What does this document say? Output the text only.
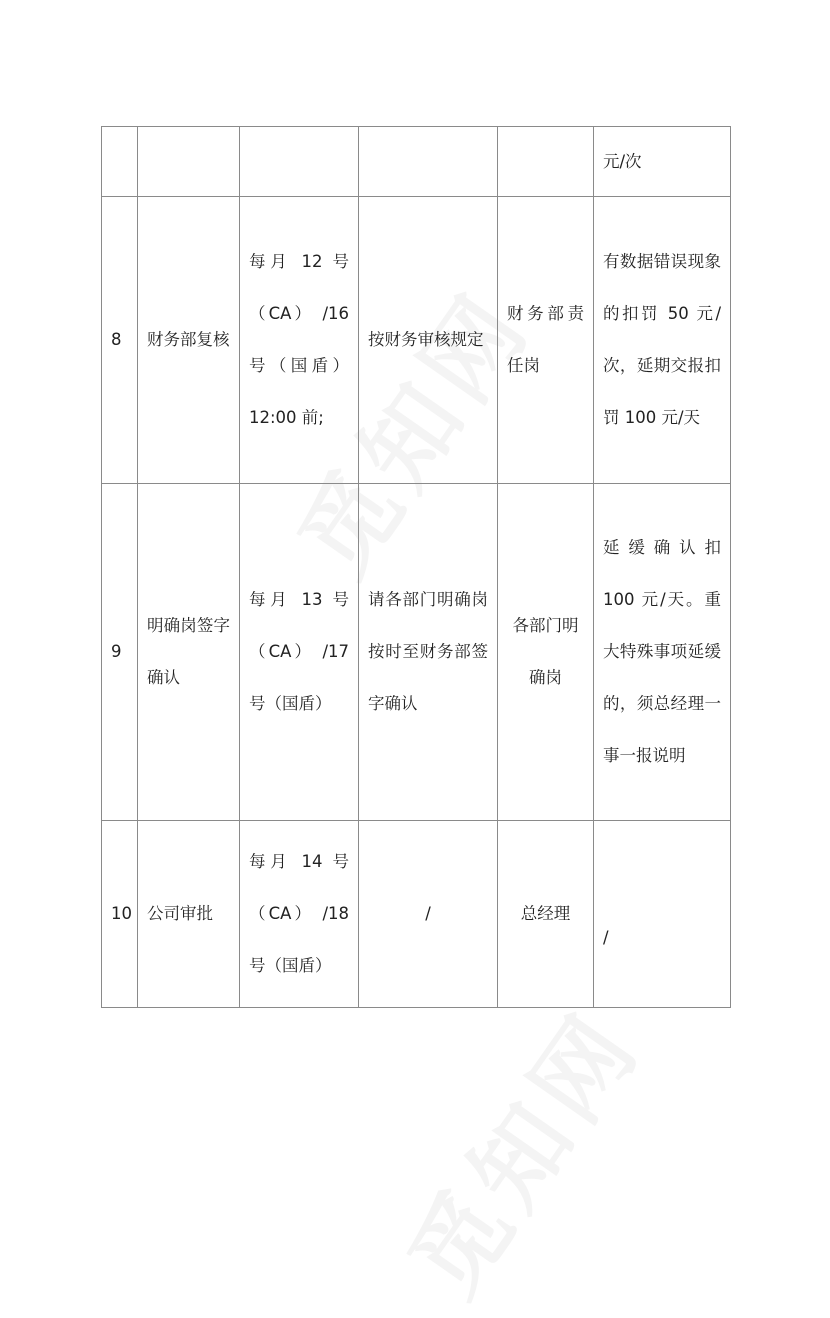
					元/次

8	财务部复核	每月 12 号（CA） /16 号（国盾） 12:00 前;	按财务审核规定	财务部责任岗	有数据错误现象的扣罚 50 元/次，延期交报扣罚 100 元/天

9	明确岗签字确认	每月 13 号（CA） /17 号（国盾）	请各部门明确岗按时至财务部签字确认	各部门明确岗	延缓确认扣 100 元/天。重大特殊事项延缓的，须总经理一事一报说明

10	公司审批	每月 14 号（CA） /18 号（国盾）	/	总经理	/
